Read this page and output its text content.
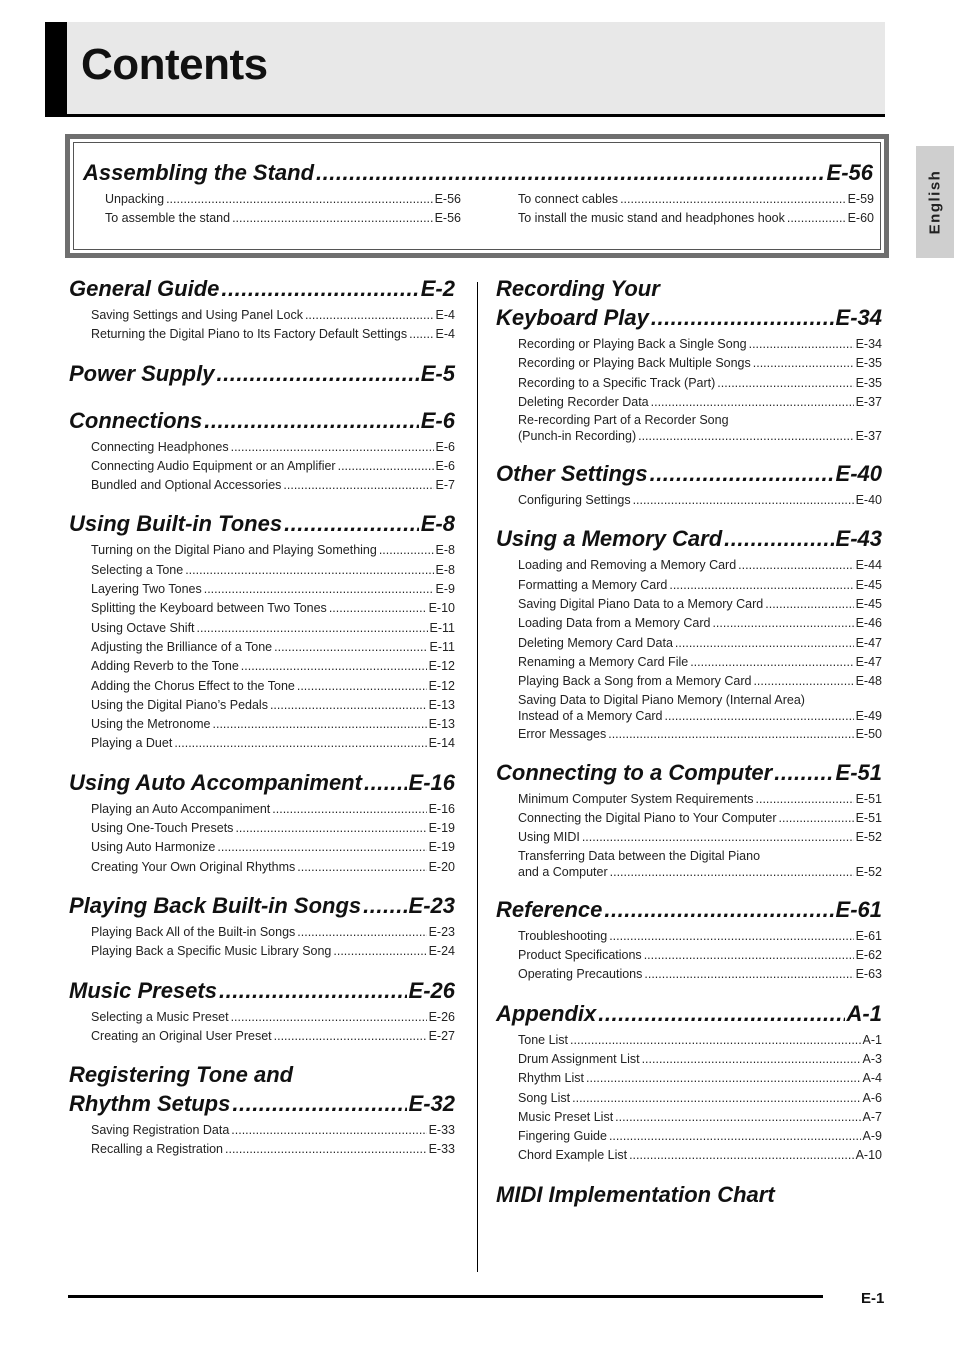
Contents
English
Assembling the Stand .....	E-56
Unpacking .....	E-56
To assemble the stand .....	E-56
To connect cables .....	E-59
To install the music stand and headphones hook .....	E-60
General Guide .....	E-2
Saving Settings and Using Panel Lock .....	E-4
Returning the Digital Piano to Its Factory Default Settings ..... E-4
Power Supply .....	E-5
Connections .....	E-6
Connecting Headphones .....	E-6
Connecting Audio Equipment or an Amplifier .....	E-6
Bundled and Optional Accessories .....	E-7
Using Built-in Tones .....	E-8
Turning on the Digital Piano and Playing Something .....	E-8
Selecting a Tone .....	E-8
Layering Two Tones .....	E-9
Splitting the Keyboard between Two Tones .....	E-10
Using Octave Shift .....	E-11
Adjusting the Brilliance of a Tone .....	E-11
Adding Reverb to the Tone .....	E-12
Adding the Chorus Effect to the Tone .....	E-12
Using the Digital Piano’s Pedals .....	E-13
Using the Metronome .....	E-13
Playing a Duet .....	E-14
Using Auto Accompaniment ..... E-16
Playing an Auto Accompaniment .....	E-16
Using One-Touch Presets .....	E-19
Using Auto Harmonize .....	E-19
Creating Your Own Original Rhythms .....	E-20
Playing Back Built-in Songs ..... E-23
Playing Back All of the Built-in Songs .....	E-23
Playing Back a Specific Music Library Song .....	E-24
Music Presets .....	E-26
Selecting a Music Preset .....	E-26
Creating an Original User Preset .....	E-27
Registering Tone and
Rhythm Setups .....	E-32
Saving Registration Data .....	E-33
Recalling a Registration .....	E-33
Recording Your
Keyboard Play .....	E-34
Recording or Playing Back a Single Song .....	E-34
Recording or Playing Back Multiple Songs .....	E-35
Recording to a Specific Track (Part) .....	E-35
Deleting Recorder Data .....	E-37
Re-recording Part of a Recorder Song
(Punch-in Recording) .....	E-37
Other Settings .....	E-40
Configuring Settings .....	E-40
Using a Memory Card .....	E-43
Loading and Removing a Memory Card .....	E-44
Formatting a Memory Card .....	E-45
Saving Digital Piano Data to a Memory Card .....	E-45
Loading Data from a Memory Card .....	E-46
Deleting Memory Card Data .....	E-47
Renaming a Memory Card File .....	E-47
Playing Back a Song from a Memory Card .....	E-48
Saving Data to Digital Piano Memory (Internal Area)
Instead of a Memory Card .....	E-49
Error Messages .....	E-50
Connecting to a Computer .....	E-51
Minimum Computer System Requirements .....	E-51
Connecting the Digital Piano to Your Computer .....	E-51
Using MIDI .....	E-52
Transferring Data between the Digital Piano
and a Computer .....	E-52
Reference .....	E-61
Troubleshooting .....	E-61
Product Specifications .....	E-62
Operating Precautions .....	E-63
Appendix .....	A-1
Tone List .....	A-1
Drum Assignment List .....	A-3
Rhythm List .....	A-4
Song List .....	A-6
Music Preset List .....	A-7
Fingering Guide .....	A-9
Chord Example List .....	A-10
MIDI Implementation Chart
E-1
